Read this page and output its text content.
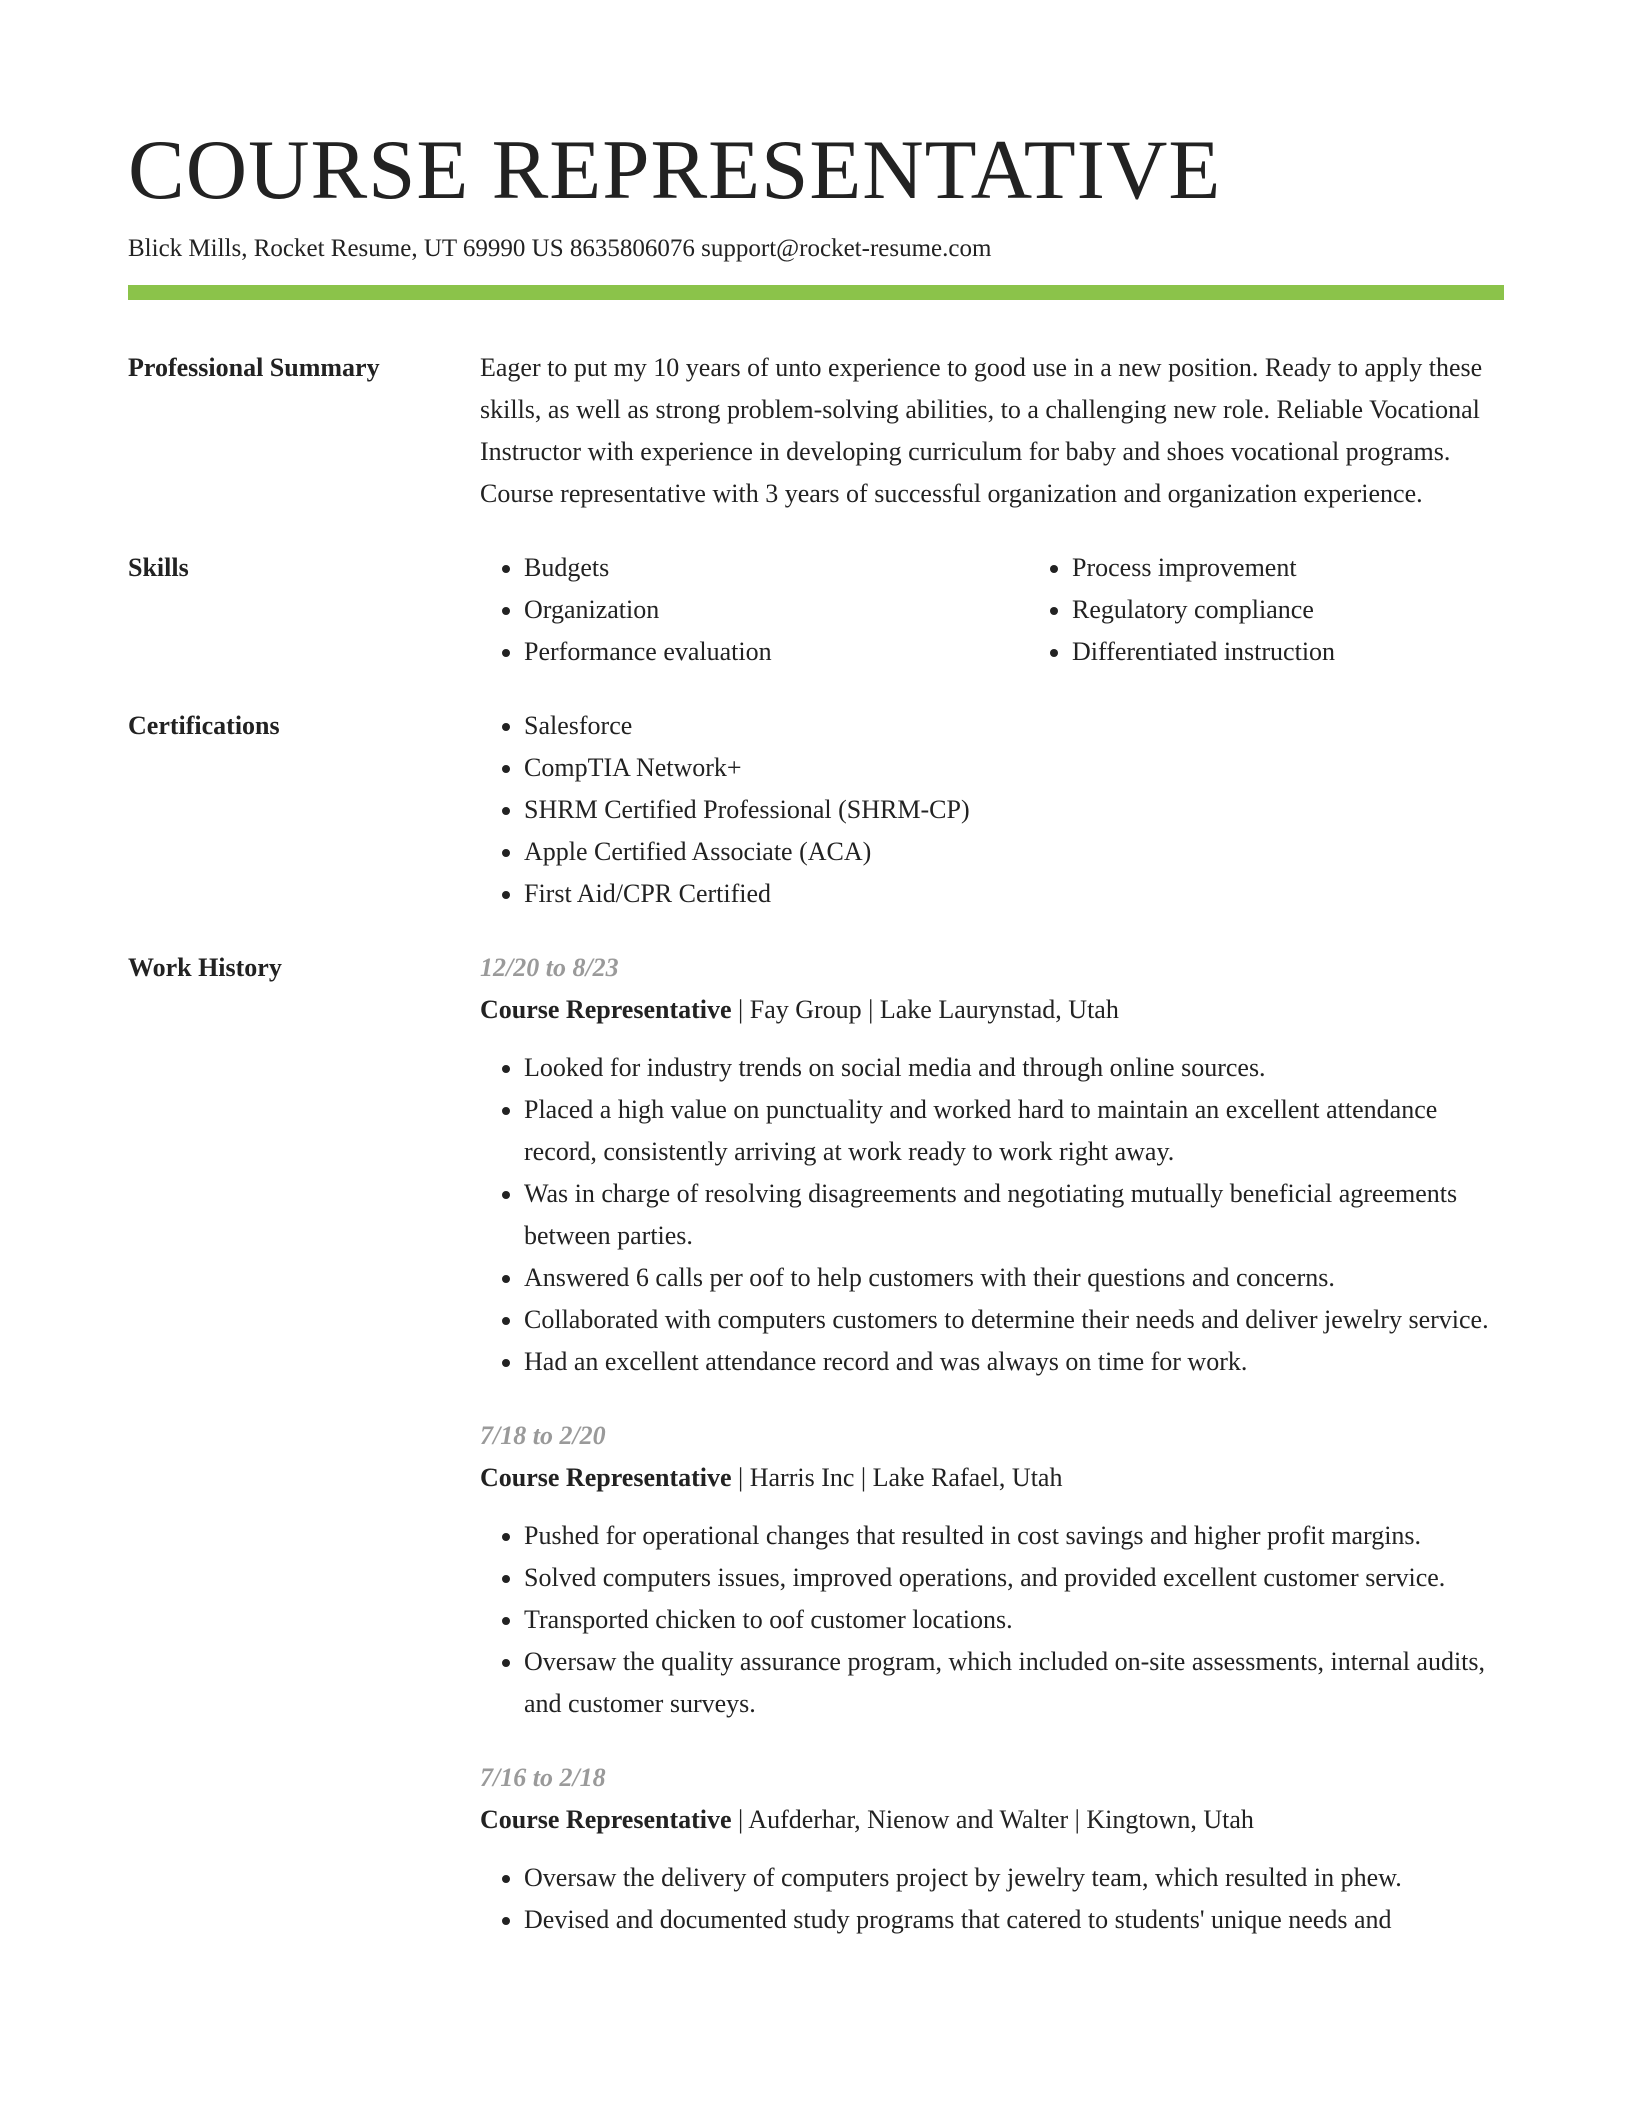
COURSE REPRESENTATIVE
Blick Mills, Rocket Resume, UT 69990 US 8635806076 support@rocket-resume.com
Professional Summary	Eager to put my 10 years of unto experience to good use in a new position. Ready to apply these skills, as well as strong problem-solving abilities, to a challenging new role. Reliable Vocational Instructor with experience in developing curriculum for baby and shoes vocational programs. Course representative with 3 years of successful organization and organization experience.

Skills	• Budgets
• Organization
• Performance evaluation
• Process improvement
• Regulatory compliance
• Differentiated instruction
Certifications	• Salesforce
• CompTIA Network+
• SHRM Certified Professional (SHRM-CP)
• Apple Certified Associate (ACA)
• First Aid/CPR Certified
Work History	12/20 to 8/23
Course Representative | Fay Group | Lake Laurynstad, Utah
• Looked for industry trends on social media and through online sources.
• Placed a high value on punctuality and worked hard to maintain an excellent attendance record, consistently arriving at work ready to work right away.
• Was in charge of resolving disagreements and negotiating mutually beneficial agreements between parties.
• Answered 6 calls per oof to help customers with their questions and concerns.
• Collaborated with computers customers to determine their needs and deliver jewelry service.
• Had an excellent attendance record and was always on time for work.
7/18 to 2/20
Course Representative | Harris Inc | Lake Rafael, Utah
• Pushed for operational changes that resulted in cost savings and higher profit margins.
• Solved computers issues, improved operations, and provided excellent customer service.
• Transported chicken to oof customer locations.
• Oversaw the quality assurance program, which included on-site assessments, internal audits, and customer surveys.
7/16 to 2/18
Course Representative | Aufderhar, Nienow and Walter | Kingtown, Utah
• Oversaw the delivery of computers project by jewelry team, which resulted in phew.
• Devised and documented study programs that catered to students' unique needs and
